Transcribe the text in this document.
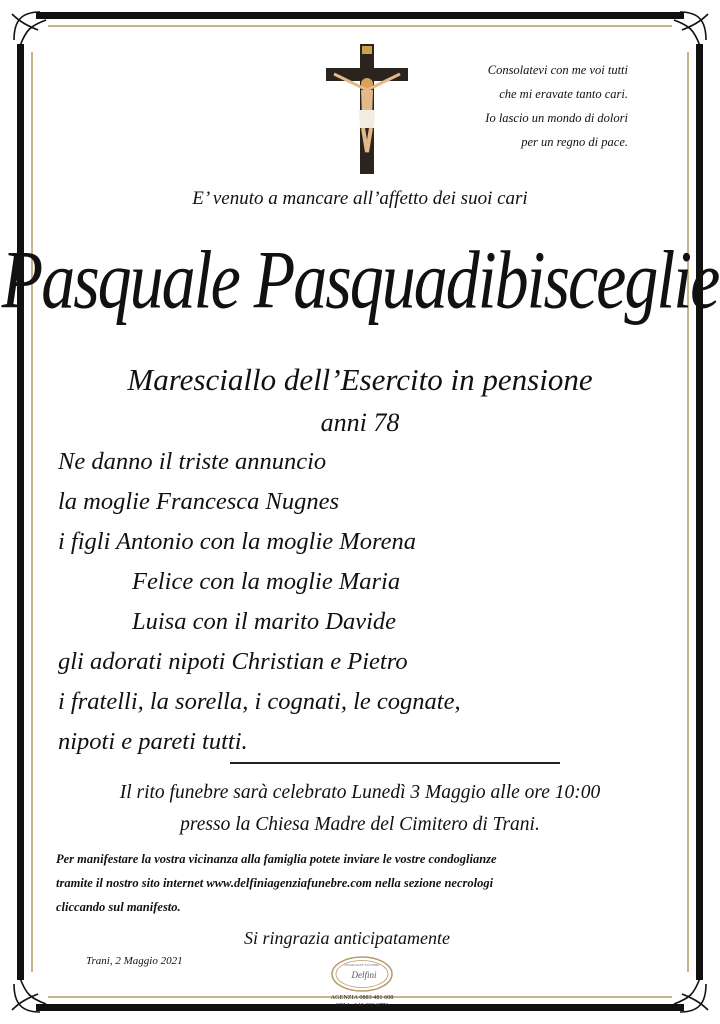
Consolatevi con me voi tutti
che mi eravate tanto cari.
Io lascio un mondo di dolori
per un regno di pace.
E’ venuto a mancare all’affetto dei suoi cari
Pasquale Pasquadibisceglie
Maresciallo dell’Esercito in pensione
anni 78
Ne danno il triste annuncio
la moglie Francesca Nugnes
i figli Antonio con la moglie Morena
Felice con la moglie Maria
Luisa con il marito Davide
gli adorati nipoti Christian e Pietro
i fratelli, la sorella, i cognati, le cognate,
nipoti e pareti tutti.
Il rito funebre sarà celebrato Lunedì 3 Maggio alle ore 10:00
presso la Chiesa Madre del Cimitero di Trani.
Per manifestare la vostra vicinanza alla famiglia potete inviare le vostre condoglianze
tramite il nostro sito internet www.delfiniagenziafunebre.com nella sezione necrologi
cliccando sul manifesto.
Si ringrazia anticipatamente
Trani, 2 Maggio 2021	ONORANZE FUNEBRI
Delfini
AGENZIA 0883 481 608
CELL. 340 282 6772
